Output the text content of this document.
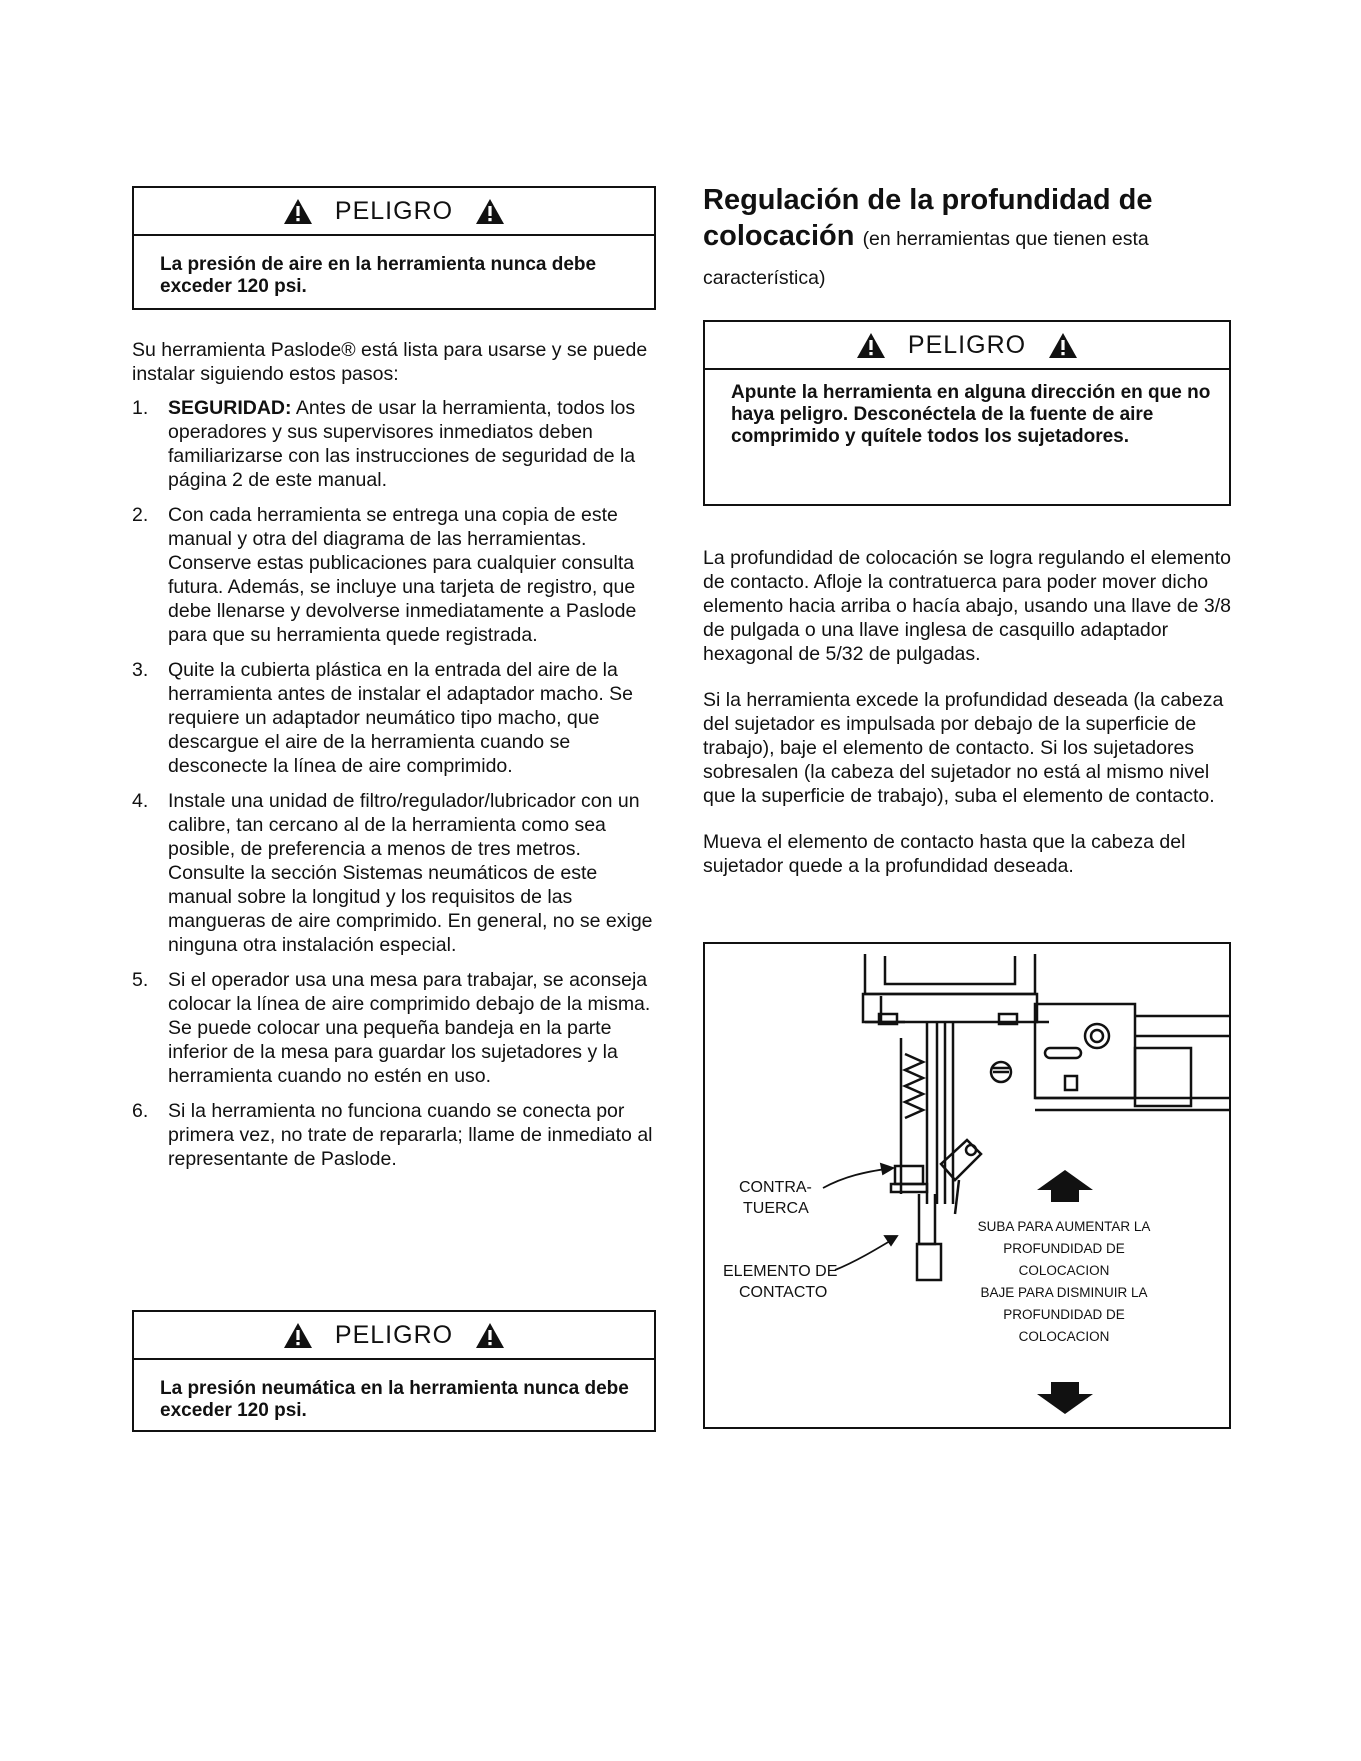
PELIGRO
La presión de aire en la herramienta nunca debe exceder 120 psi.

Su herramienta Paslode® está lista para usarse y se puede instalar siguiendo estos pasos:

1. SEGURIDAD: Antes de usar la herramienta, todos los operadores y sus supervisores inmediatos deben familiarizarse con las instrucciones de seguridad de la página 2 de este manual.
2. Con cada herramienta se entrega una copia de este manual y otra del diagrama de las herramientas. Conserve estas publicaciones para cualquier consulta futura. Además, se incluye una tarjeta de registro, que debe llenarse y devolverse inmediatamente a Paslode para que su herramienta quede registrada.
3. Quite la cubierta plástica en la entrada del aire de la herramienta antes de instalar el adaptador macho. Se requiere un adaptador neumático tipo macho, que descargue el aire de la herramienta cuando se desconecte la línea de aire comprimido.
4. Instale una unidad de filtro/regulador/lubricador con un calibre, tan cercano al de la herramienta como sea posible, de preferencia a menos de tres metros. Consulte la sección Sistemas neumáticos de este manual sobre la longitud y los requisitos de las mangueras de aire comprimido. En general, no se exige ninguna otra instalación especial.
5. Si el operador usa una mesa para trabajar, se aconseja colocar la línea de aire comprimido debajo de la misma. Se puede colocar una pequeña bandeja en la parte inferior de la mesa para guardar los sujetadores y la herramienta cuando no estén en uso.
6. Si la herramienta no funciona cuando se conecta por primera vez, no trate de repararla; llame de inmediato al representante de Paslode.
PELIGRO
La presión neumática en la herramienta nunca debe exceder 120 psi.
Regulación de la profundidad de colocación (en herramientas que tienen esta característica)
PELIGRO
Apunte la herramienta en alguna dirección en que no haya peligro. Desconéctela de la fuente de aire comprimido y quítele todos los sujetadores.

La profundidad de colocación se logra regulando el elemento de contacto. Afloje la contratuerca para poder mover dicho elemento hacia arriba o hacía abajo, usando una llave de 3/8 de pulgada o una llave inglesa de casquillo adaptador hexagonal de 5/32 de pulgadas.

Si la herramienta excede la profundidad deseada (la cabeza del sujetador es impulsada por debajo de la superficie de trabajo), baje el elemento de contacto. Si los sujetadores sobresalen (la cabeza del sujetador no está al mismo nivel que la superficie de trabajo), suba el elemento de contacto.

Mueva el elemento de contacto hasta que la cabeza del sujetador quede a la profundidad deseada.

CONTRA-
TUERCA
ELEMENTO DE
CONTACTO
SUBA PARA AUMENTAR LA
PROFUNDIDAD DE
COLOCACION
BAJE PARA DISMINUIR LA
PROFUNDIDAD DE
COLOCACION
